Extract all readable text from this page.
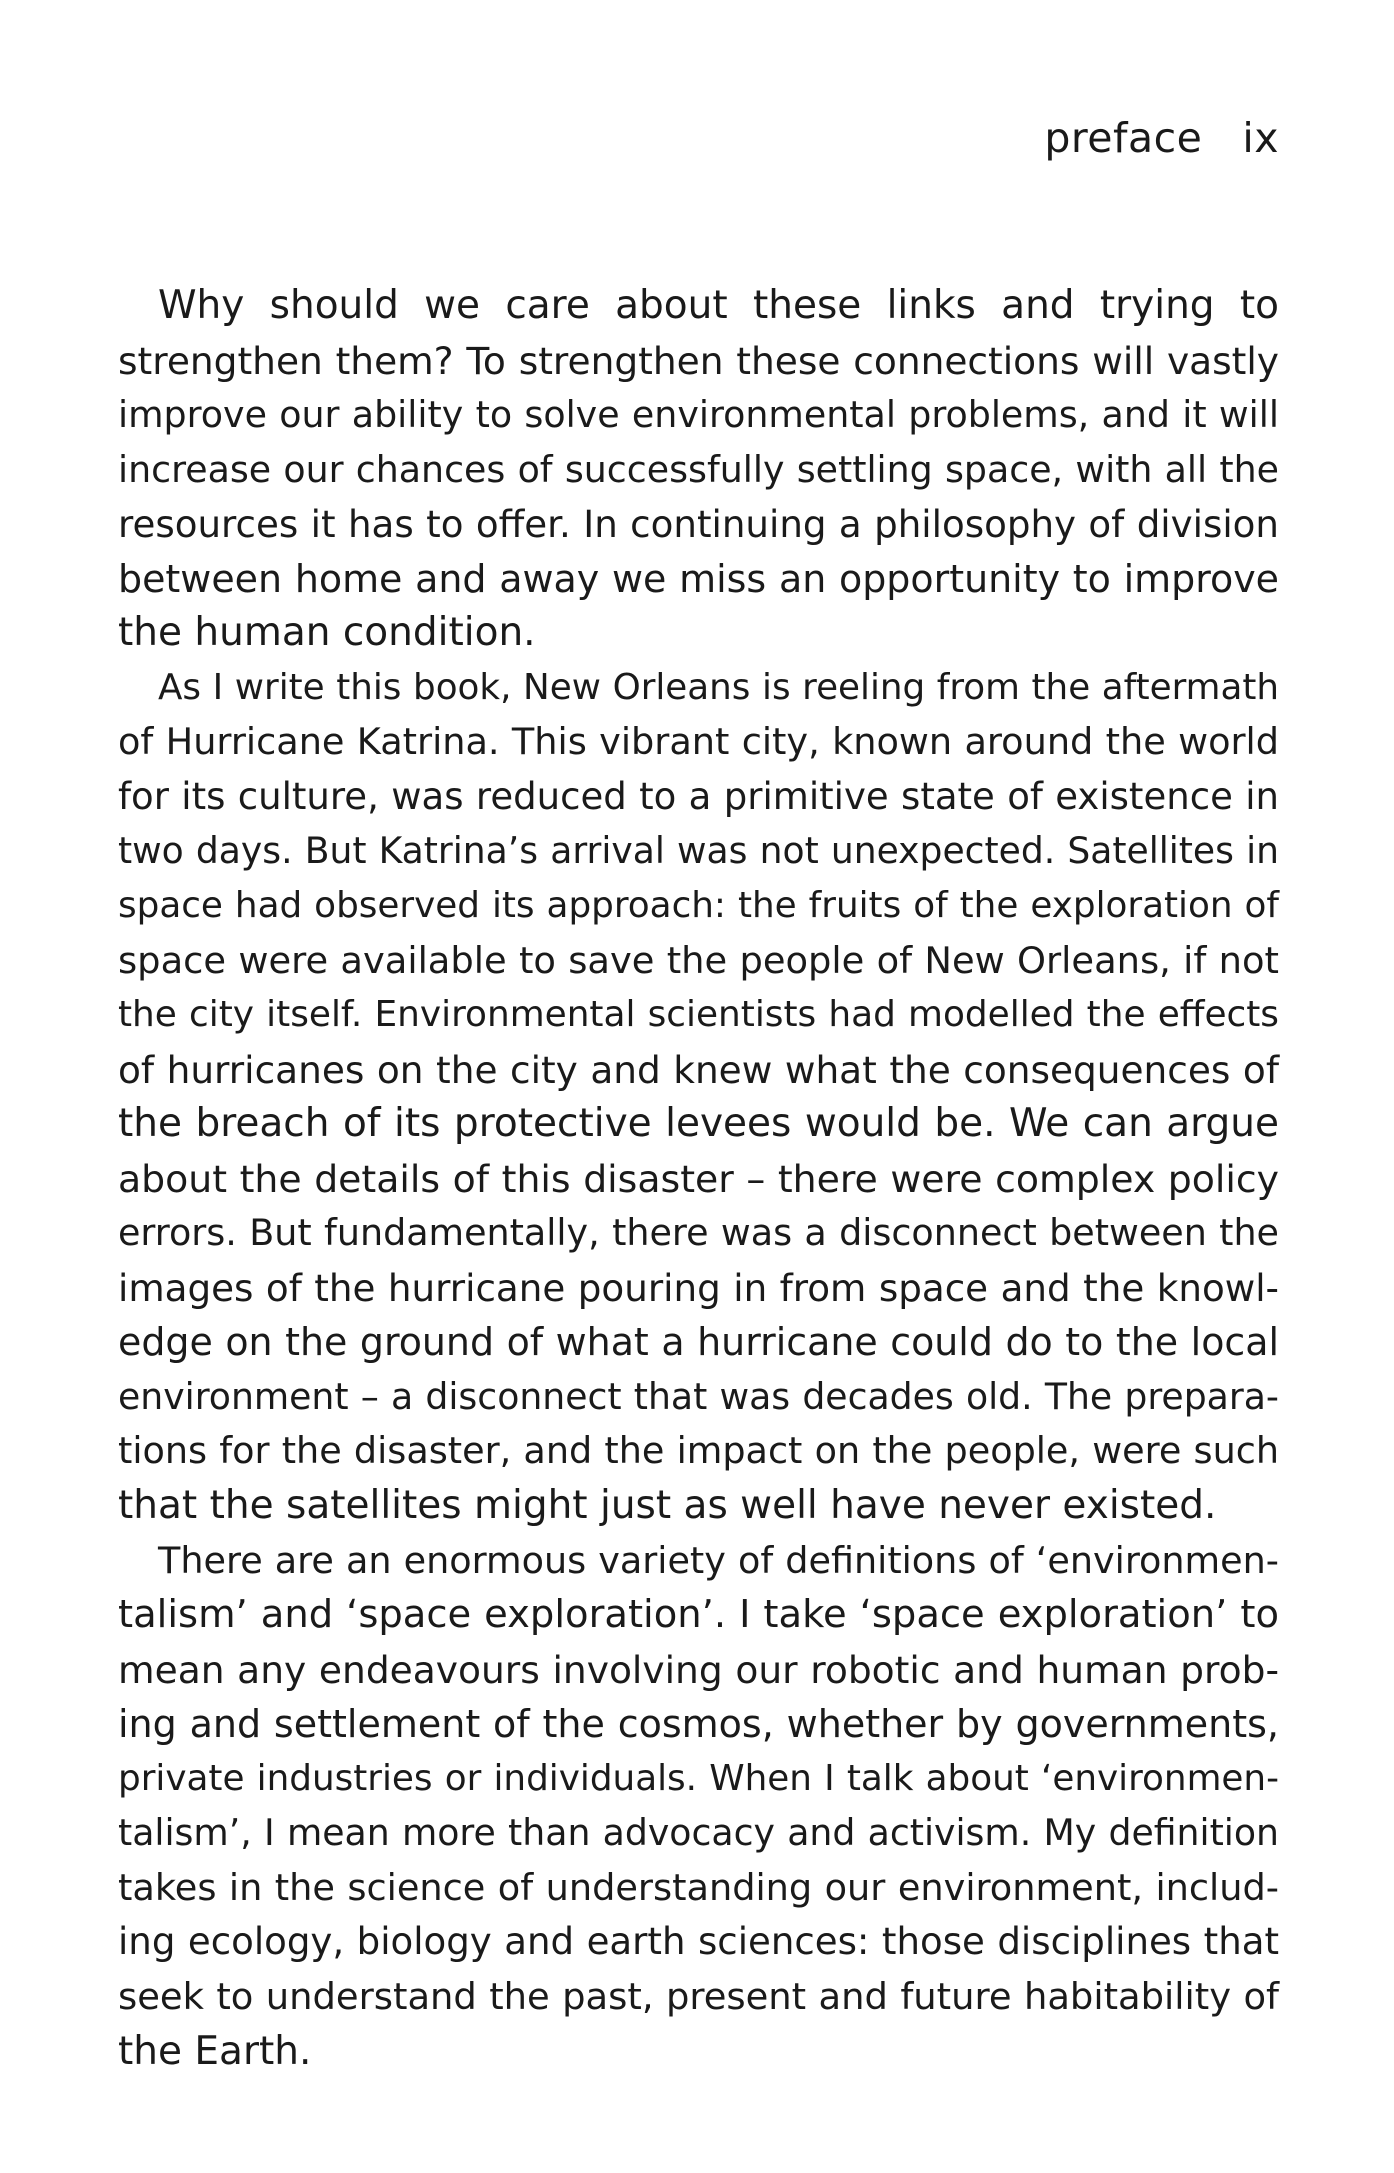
preface ix
Why should we care about these links and trying to
strengthen them? To strengthen these connections will vastly
improve our ability to solve environmental problems, and it will
increase our chances of successfully settling space, with all the
resources it has to offer. In continuing a philosophy of division
between home and away we miss an opportunity to improve
the human condition.
As I write this book, New Orleans is reeling from the aftermath
of Hurricane Katrina. This vibrant city, known around the world
for its culture, was reduced to a primitive state of existence in
two days. But Katrina’s arrival was not unexpected. Satellites in
space had observed its approach: the fruits of the exploration of
space were available to save the people of New Orleans, if not
the city itself. Environmental scientists had modelled the effects
of hurricanes on the city and knew what the consequences of
the breach of its protective levees would be. We can argue
about the details of this disaster – there were complex policy
errors. But fundamentally, there was a disconnect between the
images of the hurricane pouring in from space and the knowl-
edge on the ground of what a hurricane could do to the local
environment – a disconnect that was decades old. The prepara-
tions for the disaster, and the impact on the people, were such
that the satellites might just as well have never existed.
There are an enormous variety of definitions of ‘environmen-
talism’ and ‘space exploration’. I take ‘space exploration’ to
mean any endeavours involving our robotic and human prob-
ing and settlement of the cosmos, whether by governments,
private industries or individuals. When I talk about ‘environmen-
talism’, I mean more than advocacy and activism. My definition
takes in the science of understanding our environment, includ-
ing ecology, biology and earth sciences: those disciplines that
seek to understand the past, present and future habitability of
the Earth.
